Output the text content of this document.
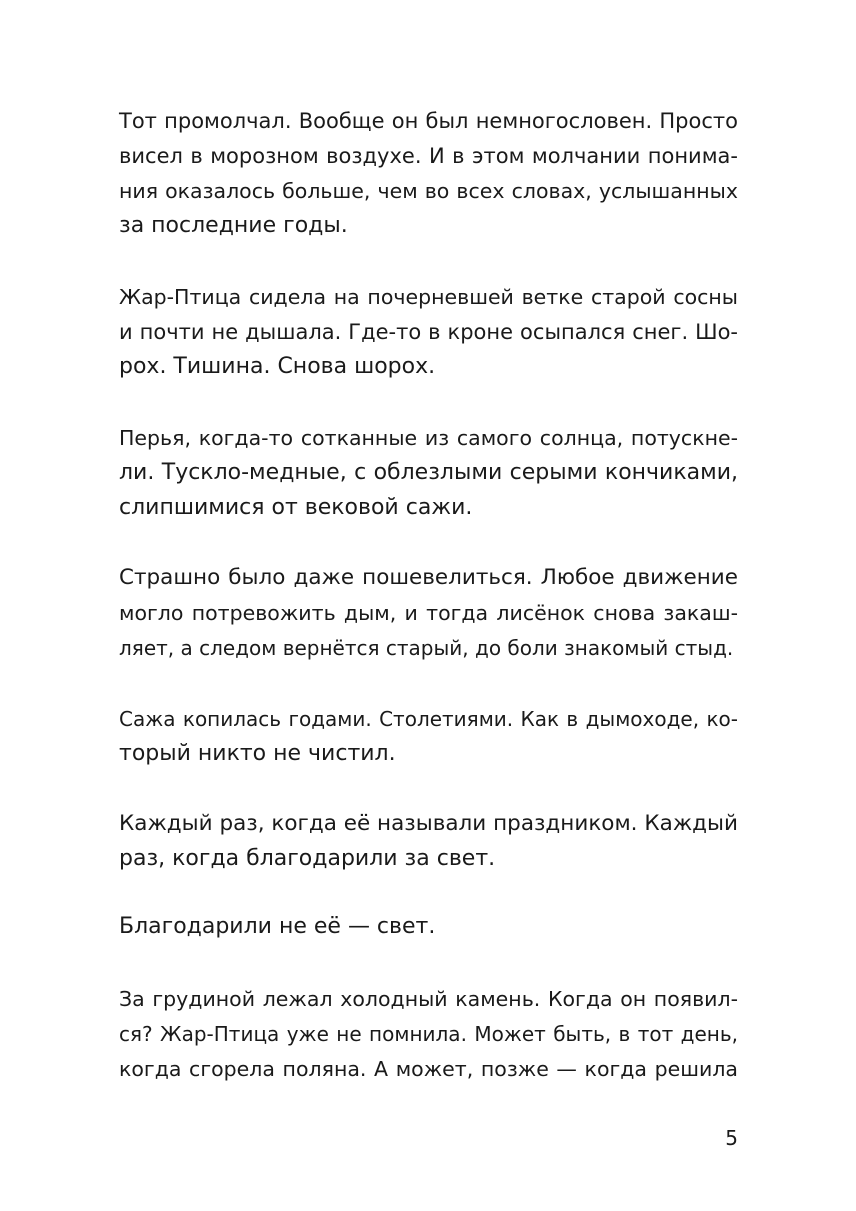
Тот промолчал. Вообще он был немногословен. Просто
висел в морозном воздухе. И в этом молчании понима-
ния оказалось больше, чем во всех словах, услышанных
за последние годы.
Жар-Птица сидела на почерневшей ветке старой сосны
и почти не дышала. Где-то в кроне осыпался снег. Шо-
рох. Тишина. Снова шорох.
Перья, когда-то сотканные из самого солнца, потускне-
ли. Тускло-медные, с облезлыми серыми кончиками,
слипшимися от вековой сажи.
Страшно было даже пошевелиться. Любое движение
могло потревожить дым, и тогда лисёнок снова закаш-
ляет, а следом вернётся старый, до боли знакомый стыд.
Сажа копилась годами. Столетиями. Как в дымоходе, ко-
торый никто не чистил.
Каждый раз, когда её называли праздником. Каждый
раз, когда благодарили за свет.
Благодарили не её — свет.
За грудиной лежал холодный камень. Когда он появил-
ся? Жар-Птица уже не помнила. Может быть, в тот день,
когда сгорела поляна. А может, позже — когда решила
5
